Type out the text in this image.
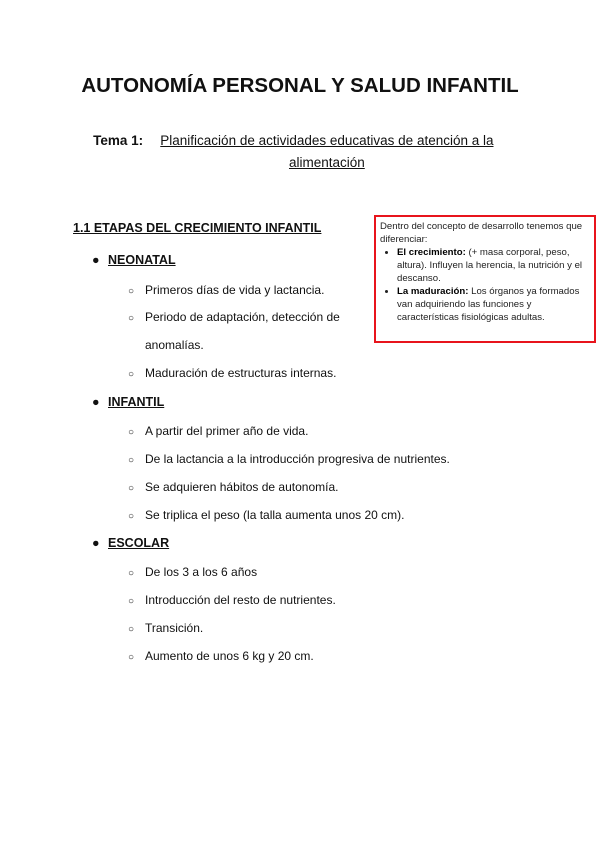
AUTONOMÍA PERSONAL Y SALUD INFANTIL
Tema 1: Planificación de actividades educativas de atención a la alimentación
1.1 ETAPAS DEL CRECIMIENTO INFANTIL
● NEONATAL
○ Primeros días de vida y lactancia.
○ Periodo de adaptación, detección de anomalías.
○ Maduración de estructuras internas.
● INFANTIL
○ A partir del primer año de vida.
○ De la lactancia a la introducción progresiva de nutrientes.
○ Se adquieren hábitos de autonomía.
○ Se triplica el peso (la talla aumenta unos 20 cm).
● ESCOLAR
○ De los 3 a los 6 años
○ Introducción del resto de nutrientes.
○ Transición.
○ Aumento de unos 6 kg y 20 cm.
Dentro del concepto de desarrollo tenemos que diferenciar:
• El crecimiento: (+ masa corporal, peso, altura). Influyen la herencia, la nutrición y el descanso.
• La maduración: Los órganos ya formados van adquiriendo las funciones y características fisiológicas adultas.
